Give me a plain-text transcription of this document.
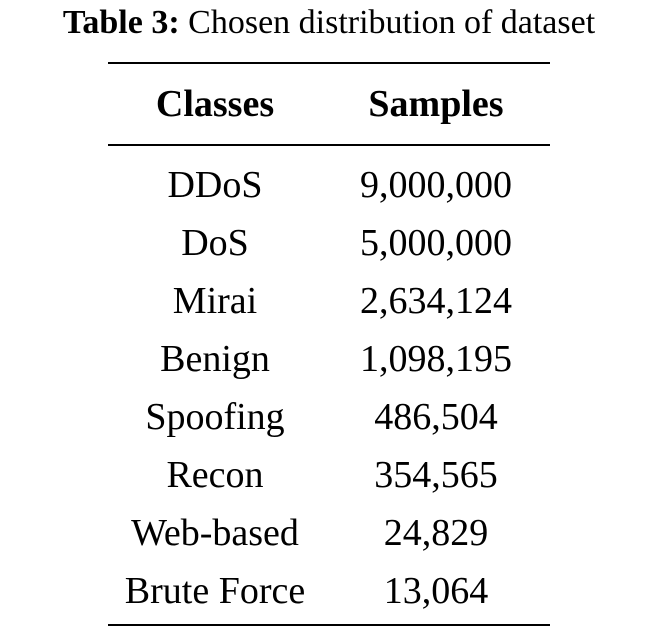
Table 3: Chosen distribution of dataset
Classes	Samples
DDoS	9,000,000
DoS	5,000,000
Mirai	2,634,124
Benign	1,098,195
Spoofing	486,504
Recon	354,565
Web-based	24,829
Brute Force	13,064
